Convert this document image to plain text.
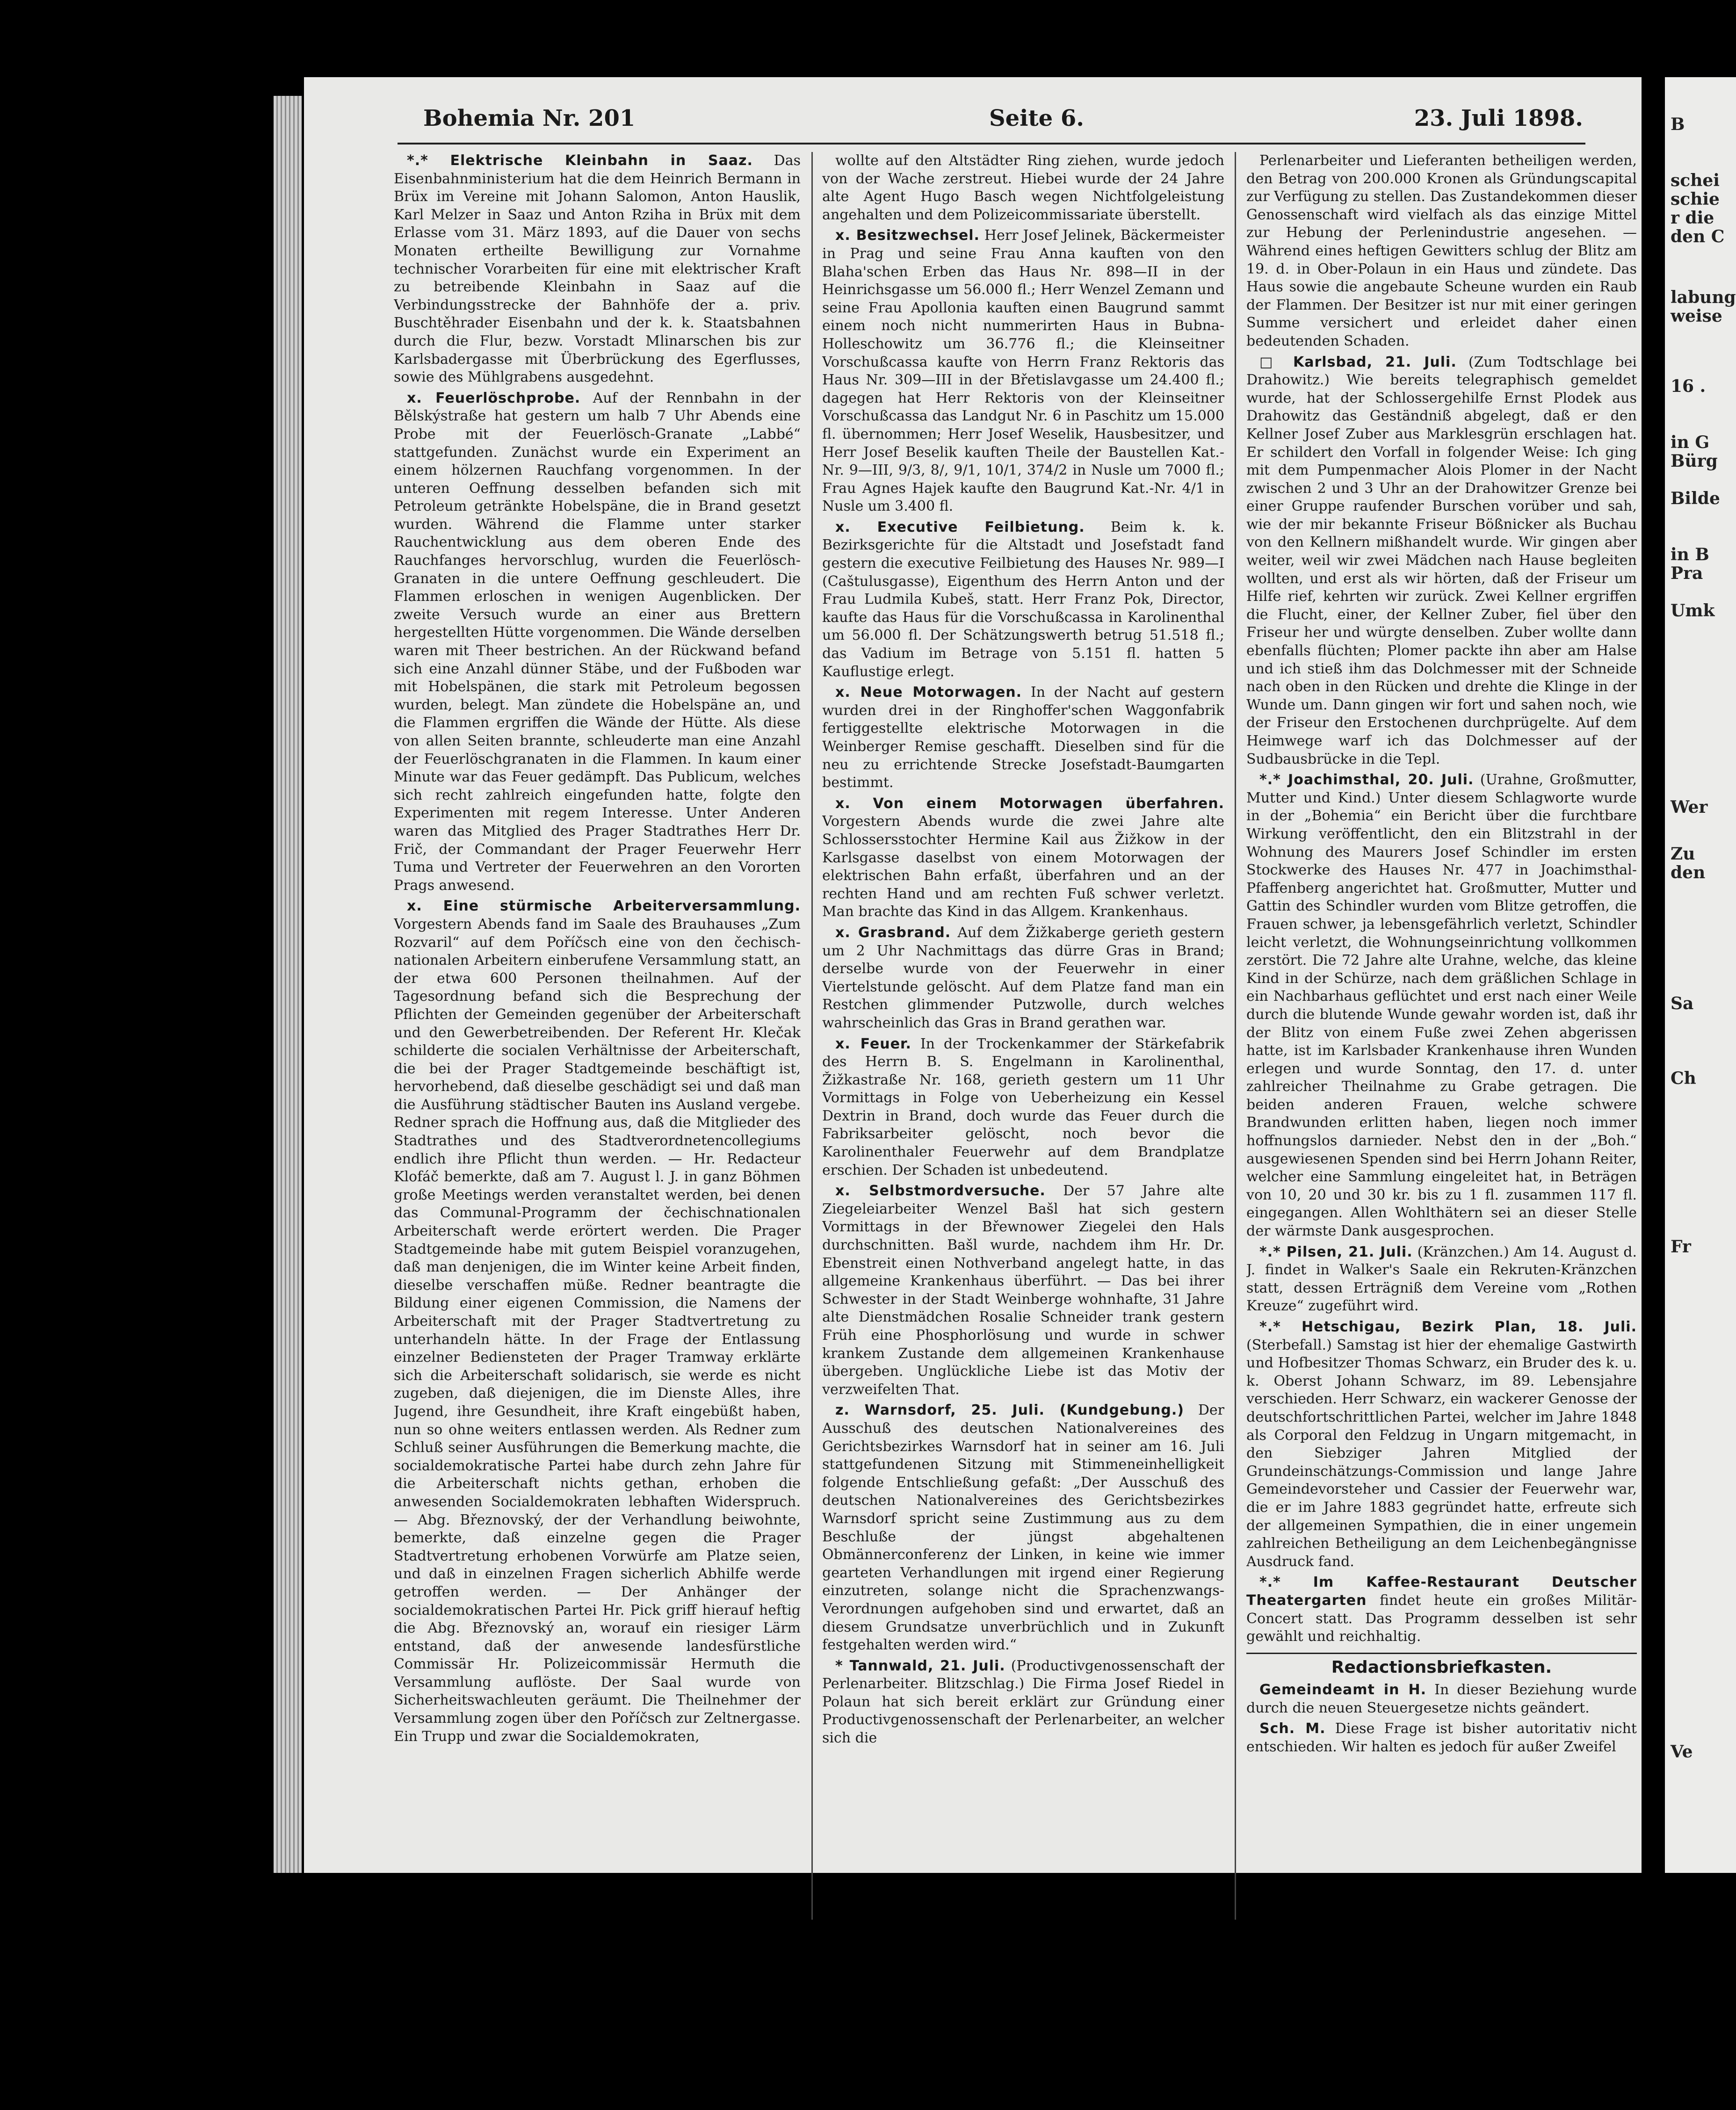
Bohemia Nr. 201	Seite 6.	23. Juli 1898.

*.* Elektrische Kleinbahn in Saaz. Das Eisenbahnministerium hat die dem Heinrich Bermann in Brüx im Vereine mit Johann Salomon, Anton Hauslik, Karl Melzer in Saaz und Anton Rziha in Brüx mit dem Erlasse vom 31. März 1893, auf die Dauer von sechs Monaten ertheilte Bewilligung zur Vornahme technischer Vorarbeiten für eine mit elektrischer Kraft zu betreibende Kleinbahn in Saaz auf die Verbindungsstrecke der Bahnhöfe der a. priv. Buschtěhrader Eisenbahn und der k. k. Staatsbahnen durch die Flur, bezw. Vorstadt Mlinarschen bis zur Karlsbadergasse mit Überbrückung des Egerflusses, sowie des Mühlgrabens ausgedehnt.

x. Feuerlöschprobe. Auf der Rennbahn in der Bělskýstraße hat gestern um halb 7 Uhr Abends eine Probe mit der Feuerlösch-Granate „Labbé“ stattgefunden. Zunächst wurde ein Experiment an einem hölzernen Rauchfang vorgenommen. In der unteren Oeffnung desselben befanden sich mit Petroleum getränkte Hobelspäne, die in Brand gesetzt wurden. Während die Flamme unter starker Rauchentwicklung aus dem oberen Ende des Rauchfanges hervorschlug, wurden die Feuerlösch-Granaten in die untere Oeffnung geschleudert. Die Flammen erloschen in wenigen Augenblicken. Der zweite Versuch wurde an einer aus Brettern hergestellten Hütte vorgenommen. Die Wände derselben waren mit Theer bestrichen. An der Rückwand befand sich eine Anzahl dünner Stäbe, und der Fußboden war mit Hobelspänen, die stark mit Petroleum begossen wurden, belegt. Man zündete die Hobelspäne an, und die Flammen ergriffen die Wände der Hütte. Als diese von allen Seiten brannte, schleuderte man eine Anzahl der Feuerlöschgranaten in die Flammen. In kaum einer Minute war das Feuer gedämpft. Das Publicum, welches sich recht zahlreich eingefunden hatte, folgte den Experimenten mit regem Interesse. Unter Anderen waren das Mitglied des Prager Stadtrathes Herr Dr. Frič, der Commandant der Prager Feuerwehr Herr Tuma und Vertreter der Feuerwehren an den Vororten Prags anwesend.

x. Eine stürmische Arbeiterversammlung. Vorgestern Abends fand im Saale des Brauhauses „Zum Rozvaril“ auf dem Poříčsch eine von den čechisch-nationalen Arbeitern einberufene Versammlung statt, an der etwa 600 Personen theilnahmen. Auf der Tagesordnung befand sich die Besprechung der Pflichten der Gemeinden gegenüber der Arbeiterschaft und den Gewerbetreibenden. Der Referent Hr. Klečak schilderte die socialen Verhältnisse der Arbeiterschaft, die bei der Prager Stadtgemeinde beschäftigt ist, hervorhebend, daß dieselbe geschädigt sei und daß man die Ausführung städtischer Bauten ins Ausland vergebe. Redner sprach die Hoffnung aus, daß die Mitglieder des Stadtrathes und des Stadtverordnetencollegiums endlich ihre Pflicht thun werden. — Hr. Redacteur Klofáč bemerkte, daß am 7. August l. J. in ganz Böhmen große Meetings werden veranstaltet werden, bei denen das Communal-Programm der čechischnationalen Arbeiterschaft werde erörtert werden. Die Prager Stadtgemeinde habe mit gutem Beispiel voranzugehen, daß man denjenigen, die im Winter keine Arbeit finden, dieselbe verschaffen müße. Redner beantragte die Bildung einer eigenen Commission, die Namens der Arbeiterschaft mit der Prager Stadtvertretung zu unterhandeln hätte. In der Frage der Entlassung einzelner Bediensteten der Prager Tramway erklärte sich die Arbeiterschaft solidarisch, sie werde es nicht zugeben, daß diejenigen, die im Dienste Alles, ihre Jugend, ihre Gesundheit, ihre Kraft eingebüßt haben, nun so ohne weiters entlassen werden. Als Redner zum Schluß seiner Ausführungen die Bemerkung machte, die socialdemokratische Partei habe durch zehn Jahre für die Arbeiterschaft nichts gethan, erhoben die anwesenden Socialdemokraten lebhaften Widerspruch. — Abg. Březnovský, der der Verhandlung beiwohnte, bemerkte, daß einzelne gegen die Prager Stadtvertretung erhobenen Vorwürfe am Platze seien, und daß in einzelnen Fragen sicherlich Abhilfe werde getroffen werden. — Der Anhänger der socialdemokratischen Partei Hr. Pick griff hierauf heftig die Abg. Březnovský an, worauf ein riesiger Lärm entstand, daß der anwesende landesfürstliche Commissär Hr. Polizeicommissär Hermuth die Versammlung auflöste. Der Saal wurde von Sicherheitswachleuten geräumt. Die Theilnehmer der Versammlung zogen über den Poříčsch zur Zeltnergasse. Ein Trupp und zwar die Socialdemokraten,

wollte auf den Altstädter Ring ziehen, wurde jedoch von der Wache zerstreut. Hiebei wurde der 24 Jahre alte Agent Hugo Basch wegen Nichtfolgeleistung angehalten und dem Polizeicommissariate überstellt.

x. Besitzwechsel. Herr Josef Jelinek, Bäckermeister in Prag und seine Frau Anna kauften von den Blaha'schen Erben das Haus Nr. 898—II in der Heinrichsgasse um 56.000 fl.; Herr Wenzel Zemann und seine Frau Apollonia kauften einen Baugrund sammt einem noch nicht nummerirten Haus in Bubna-Holleschowitz um 36.776 fl.; die Kleinseitner Vorschußcassa kaufte von Herrn Franz Rektoris das Haus Nr. 309—III in der Břetislavgasse um 24.400 fl.; dagegen hat Herr Rektoris von der Kleinseitner Vorschußcassa das Landgut Nr. 6 in Paschitz um 15.000 fl. übernommen; Herr Josef Weselik, Hausbesitzer, und Herr Josef Beselik kauften Theile der Baustellen Kat.-Nr. 9—III, 9/3, 8/, 9/1, 10/1, 374/2 in Nusle um 7000 fl.; Frau Agnes Hajek kaufte den Baugrund Kat.-Nr. 4/1 in Nusle um 3.400 fl.

x. Executive Feilbietung. Beim k. k. Bezirksgerichte für die Altstadt und Josefstadt fand gestern die executive Feilbietung des Hauses Nr. 989—I (Caštulusgasse), Eigenthum des Herrn Anton und der Frau Ludmila Kubeš, statt. Herr Franz Pok, Director, kaufte das Haus für die Vorschußcassa in Karolinenthal um 56.000 fl. Der Schätzungswerth betrug 51.518 fl.; das Vadium im Betrage von 5.151 fl. hatten 5 Kauflustige erlegt.

x. Neue Motorwagen. In der Nacht auf gestern wurden drei in der Ringhoffer'schen Waggonfabrik fertiggestellte elektrische Motorwagen in die Weinberger Remise geschafft. Dieselben sind für die neu zu errichtende Strecke Josefstadt-Baumgarten bestimmt.

x. Von einem Motorwagen überfahren. Vorgestern Abends wurde die zwei Jahre alte Schlossersstochter Hermine Kail aus Žižkow in der Karlsgasse daselbst von einem Motorwagen der elektrischen Bahn erfaßt, überfahren und an der rechten Hand und am rechten Fuß schwer verletzt. Man brachte das Kind in das Allgem. Krankenhaus.

x. Grasbrand. Auf dem Žižkaberge gerieth gestern um 2 Uhr Nachmittags das dürre Gras in Brand; derselbe wurde von der Feuerwehr in einer Viertelstunde gelöscht. Auf dem Platze fand man ein Restchen glimmender Putzwolle, durch welches wahrscheinlich das Gras in Brand gerathen war.

x. Feuer. In der Trockenkammer der Stärkefabrik des Herrn B. S. Engelmann in Karolinenthal, Žižkastraße Nr. 168, gerieth gestern um 11 Uhr Vormittags in Folge von Ueberheizung ein Kessel Dextrin in Brand, doch wurde das Feuer durch die Fabriksarbeiter gelöscht, noch bevor die Karolinenthaler Feuerwehr auf dem Brandplatze erschien. Der Schaden ist unbedeutend.

x. Selbstmordversuche. Der 57 Jahre alte Ziegeleiarbeiter Wenzel Bašl hat sich gestern Vormittags in der Břewnower Ziegelei den Hals durchschnitten. Bašl wurde, nachdem ihm Hr. Dr. Ebenstreit einen Nothverband angelegt hatte, in das allgemeine Krankenhaus überführt. — Das bei ihrer Schwester in der Stadt Weinberge wohnhafte, 31 Jahre alte Dienstmädchen Rosalie Schneider trank gestern Früh eine Phosphorlösung und wurde in schwer krankem Zustande dem allgemeinen Krankenhause übergeben. Unglückliche Liebe ist das Motiv der verzweifelten That.

z. Warnsdorf, 25. Juli. (Kundgebung.) Der Ausschuß des deutschen Nationalvereines des Gerichtsbezirkes Warnsdorf hat in seiner am 16. Juli stattgefundenen Sitzung mit Stimmeneinhelligkeit folgende Entschließung gefaßt: „Der Ausschuß des deutschen Nationalvereines des Gerichtsbezirkes Warnsdorf spricht seine Zustimmung aus zu dem Beschluße der jüngst abgehaltenen Obmännerconferenz der Linken, in keine wie immer gearteten Verhandlungen mit irgend einer Regierung einzutreten, solange nicht die Sprachenzwangs-Verordnungen aufgehoben sind und erwartet, daß an diesem Grundsatze unverbrüchlich und in Zukunft festgehalten werden wird.“

* Tannwald, 21. Juli. (Productivgenossenschaft der Perlenarbeiter. Blitzschlag.) Die Firma Josef Riedel in Polaun hat sich bereit erklärt zur Gründung einer Productivgenossenschaft der Perlenarbeiter, an welcher sich die

Perlenarbeiter und Lieferanten betheiligen werden, den Betrag von 200.000 Kronen als Gründungscapital zur Verfügung zu stellen. Das Zustandekommen dieser Genossenschaft wird vielfach als das einzige Mittel zur Hebung der Perlenindustrie angesehen. — Während eines heftigen Gewitters schlug der Blitz am 19. d. in Ober-Polaun in ein Haus und zündete. Das Haus sowie die angebaute Scheune wurden ein Raub der Flammen. Der Besitzer ist nur mit einer geringen Summe versichert und erleidet daher einen bedeutenden Schaden.

□ Karlsbad, 21. Juli. (Zum Todtschlage bei Drahowitz.) Wie bereits telegraphisch gemeldet wurde, hat der Schlossergehilfe Ernst Plodek aus Drahowitz das Geständniß abgelegt, daß er den Kellner Josef Zuber aus Marklesgrün erschlagen hat. Er schildert den Vorfall in folgender Weise: Ich ging mit dem Pumpenmacher Alois Plomer in der Nacht zwischen 2 und 3 Uhr an der Drahowitzer Grenze bei einer Gruppe raufender Burschen vorüber und sah, wie der mir bekannte Friseur Bößnicker als Buchau von den Kellnern mißhandelt wurde. Wir gingen aber weiter, weil wir zwei Mädchen nach Hause begleiten wollten, und erst als wir hörten, daß der Friseur um Hilfe rief, kehrten wir zurück. Zwei Kellner ergriffen die Flucht, einer, der Kellner Zuber, fiel über den Friseur her und würgte denselben. Zuber wollte dann ebenfalls flüchten; Plomer packte ihn aber am Halse und ich stieß ihm das Dolchmesser mit der Schneide nach oben in den Rücken und drehte die Klinge in der Wunde um. Dann gingen wir fort und sahen noch, wie der Friseur den Erstochenen durchprügelte. Auf dem Heimwege warf ich das Dolchmesser auf der Sudbausbrücke in die Tepl.

*.* Joachimsthal, 20. Juli. (Urahne, Großmutter, Mutter und Kind.) Unter diesem Schlagworte wurde in der „Bohemia“ ein Bericht über die furchtbare Wirkung veröffentlicht, den ein Blitzstrahl in der Wohnung des Maurers Josef Schindler im ersten Stockwerke des Hauses Nr. 477 in Joachimsthal-Pfaffenberg angerichtet hat. Großmutter, Mutter und Gattin des Schindler wurden vom Blitze getroffen, die Frauen schwer, ja lebensgefährlich verletzt, Schindler leicht verletzt, die Wohnungseinrichtung vollkommen zerstört. Die 72 Jahre alte Urahne, welche, das kleine Kind in der Schürze, nach dem gräßlichen Schlage in ein Nachbarhaus geflüchtet und erst nach einer Weile durch die blutende Wunde gewahr worden ist, daß ihr der Blitz von einem Fuße zwei Zehen abgerissen hatte, ist im Karlsbader Krankenhause ihren Wunden erlegen und wurde Sonntag, den 17. d. unter zahlreicher Theilnahme zu Grabe getragen. Die beiden anderen Frauen, welche schwere Brandwunden erlitten haben, liegen noch immer hoffnungslos darnieder. Nebst den in der „Boh.“ ausgewiesenen Spenden sind bei Herrn Johann Reiter, welcher eine Sammlung eingeleitet hat, in Beträgen von 10, 20 und 30 kr. bis zu 1 fl. zusammen 117 fl. eingegangen. Allen Wohlthätern sei an dieser Stelle der wärmste Dank ausgesprochen.

*.* Pilsen, 21. Juli. (Kränzchen.) Am 14. August d. J. findet in Walker's Saale ein Rekruten-Kränzchen statt, dessen Erträgniß dem Vereine vom „Rothen Kreuze“ zugeführt wird.

*.* Hetschigau, Bezirk Plan, 18. Juli. (Sterbefall.) Samstag ist hier der ehemalige Gastwirth und Hofbesitzer Thomas Schwarz, ein Bruder des k. u. k. Oberst Johann Schwarz, im 89. Lebensjahre verschieden. Herr Schwarz, ein wackerer Genosse der deutschfortschrittlichen Partei, welcher im Jahre 1848 als Corporal den Feldzug in Ungarn mitgemacht, in den Siebziger Jahren Mitglied der Grundeinschätzungs-Commission und lange Jahre Gemeindevorsteher und Cassier der Feuerwehr war, die er im Jahre 1883 gegründet hatte, erfreute sich der allgemeinen Sympathien, die in einer ungemein zahlreichen Betheiligung an dem Leichenbegängnisse Ausdruck fand.

*.* Im Kaffee-Restaurant Deutscher Theatergarten findet heute ein großes Militär-Concert statt. Das Programm desselben ist sehr gewählt und reichhaltig.

Redactionsbriefkasten.

Gemeindeamt in H. In dieser Beziehung wurde durch die neuen Steuergesetze nichts geändert.

Sch. M. Diese Frage ist bisher autoritativ nicht entschieden. Wir halten es jedoch für außer Zweifel

B
schei
schie
r die
den C
labung
weise
16 .
in G
Bürg
Bilde
in B
Pra
Umk
Wer
Zu
den
Sa
Ch
Fr
Ve
